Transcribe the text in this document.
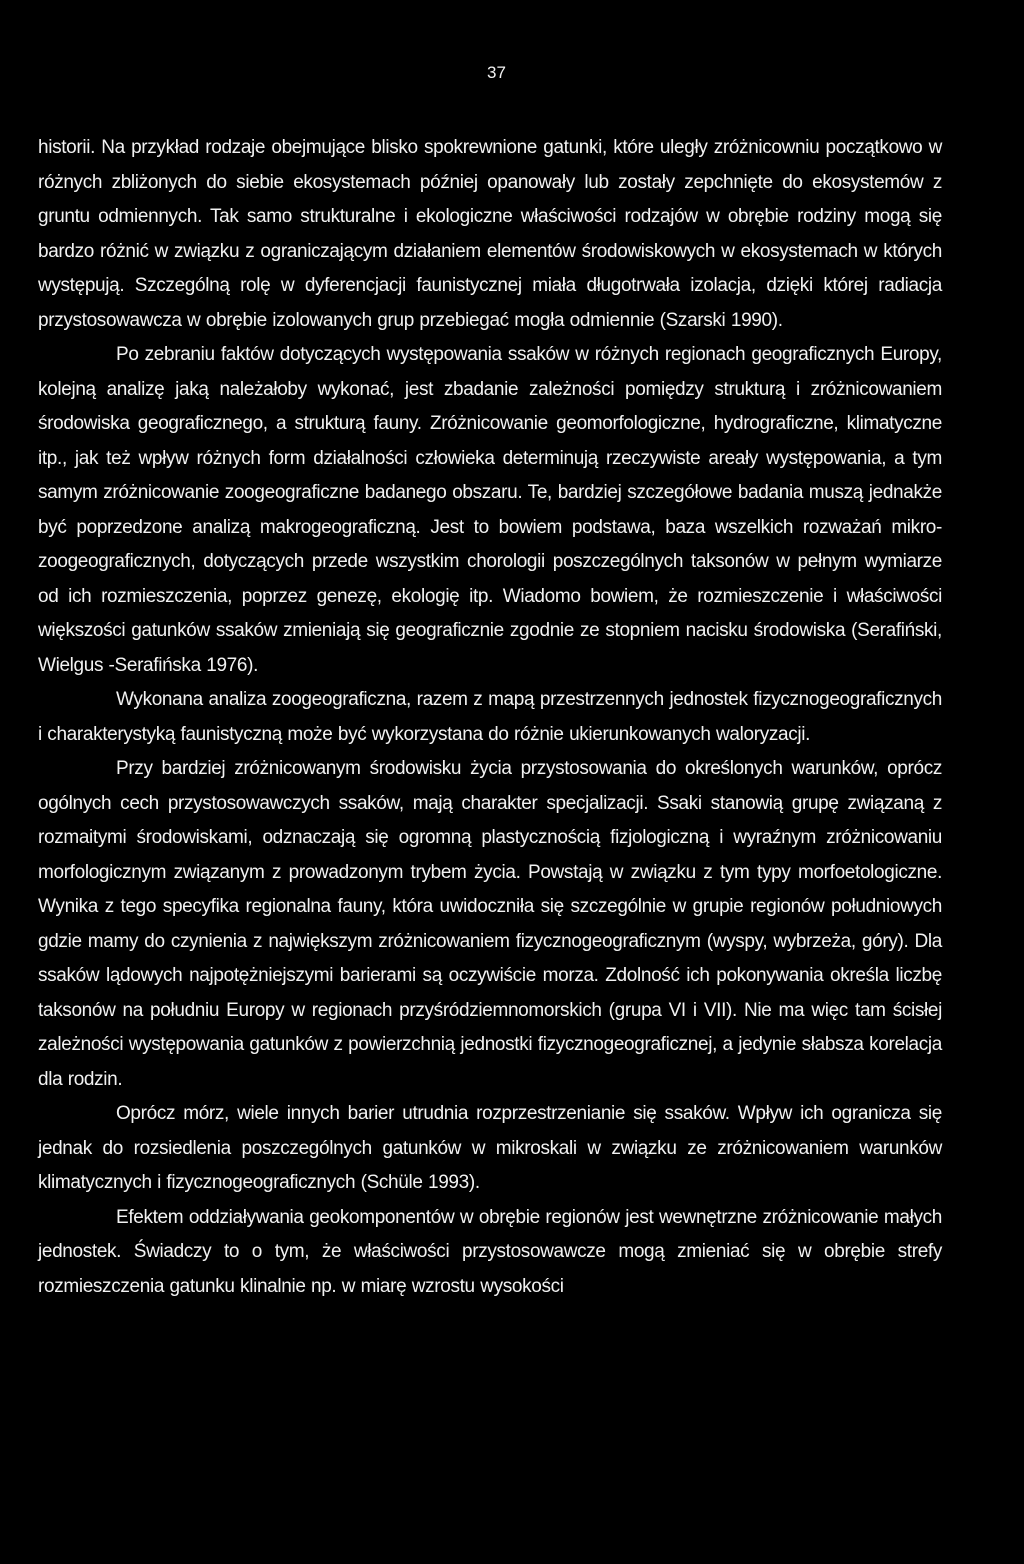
37

historii. Na przykład rodzaje obejmujące blisko spokrewnione gatunki, które uległy zróżnicowniu początkowo w różnych zbliżonych do siebie ekosystemach później opanowały lub zostały zepchnięte do ekosystemów z gruntu odmiennych. Tak samo strukturalne i ekologiczne właściwości rodzajów w obrębie rodziny mogą się bardzo różnić w związku z ograniczającym działaniem elementów środowiskowych w ekosystemach w których występują. Szczególną rolę w dyferencjacji faunistycznej miała długotrwała izolacja, dzięki której radiacja przystosowawcza w obrębie izolowanych grup przebiegać mogła odmiennie (Szarski 1990).

Po zebraniu faktów dotyczących występowania ssaków w różnych regionach geograficznych Europy, kolejną analizę jaką należałoby wykonać, jest zbadanie zależności pomiędzy strukturą i zróżnicowaniem środowiska geograficznego, a strukturą fauny. Zróżnicowanie geomorfologiczne, hydrograficzne, klimatyczne itp., jak też wpływ różnych form działalności człowieka determinują rzeczywiste areały występowania, a tym samym zróżnicowanie zoogeograficzne badanego obszaru. Te, bardziej szczegółowe badania muszą jednakże być poprzedzone analizą makrogeograficzną. Jest to bowiem podstawa, baza wszelkich rozważań mikro-zoogeograficznych, dotyczących przede wszystkim chorologii poszczególnych taksonów w pełnym wymiarze od ich rozmieszczenia, poprzez genezę, ekologię itp. Wiadomo bowiem, że rozmieszczenie i właściwości większości gatunków ssaków zmieniają się geograficznie zgodnie ze stopniem nacisku środowiska (Serafiński, Wielgus -Serafińska 1976).

Wykonana analiza zoogeograficzna, razem z mapą przestrzennych jednostek fizycznogeograficznych i charakterystyką faunistyczną może być wykorzystana do różnie ukierunkowanych waloryzacji.

Przy bardziej zróżnicowanym środowisku życia przystosowania do określonych warunków, oprócz ogólnych cech przystosowawczych ssaków, mają charakter specjalizacji. Ssaki stanowią grupę związaną z rozmaitymi środowiskami, odznaczają się ogromną plastycznością fizjologiczną i wyraźnym zróżnicowaniu morfologicznym związanym z prowadzonym trybem życia. Powstają w związku z tym typy morfoetologiczne. Wynika z tego specyfika regionalna fauny, która uwidoczniła się szczególnie w grupie regionów południowych gdzie mamy do czynienia z największym zróżnicowaniem fizycznogeograficznym (wyspy, wybrzeża, góry). Dla ssaków lądowych najpotężniejszymi barierami są oczywiście morza. Zdolność ich pokonywania określa liczbę taksonów na południu Europy w regionach przyśródziemnomorskich (grupa VI i VII). Nie ma więc tam ścisłej zależności występowania gatunków z powierzchnią jednostki fizycznogeograficznej, a jedynie słabsza korelacja dla rodzin.

Oprócz mórz, wiele innych barier utrudnia rozprzestrzenianie się ssaków. Wpływ ich ogranicza się jednak do rozsiedlenia poszczególnych gatunków w mikroskali w związku ze zróżnicowaniem warunków klimatycznych i fizycznogeograficznych (Schüle 1993).

Efektem oddziaływania geokomponentów w obrębie regionów jest wewnętrzne zróżnicowanie małych jednostek. Świadczy to o tym, że właściwości przystosowawcze mogą zmieniać się w obrębie strefy rozmieszczenia gatunku klinalnie np. w miarę wzrostu wysokości
